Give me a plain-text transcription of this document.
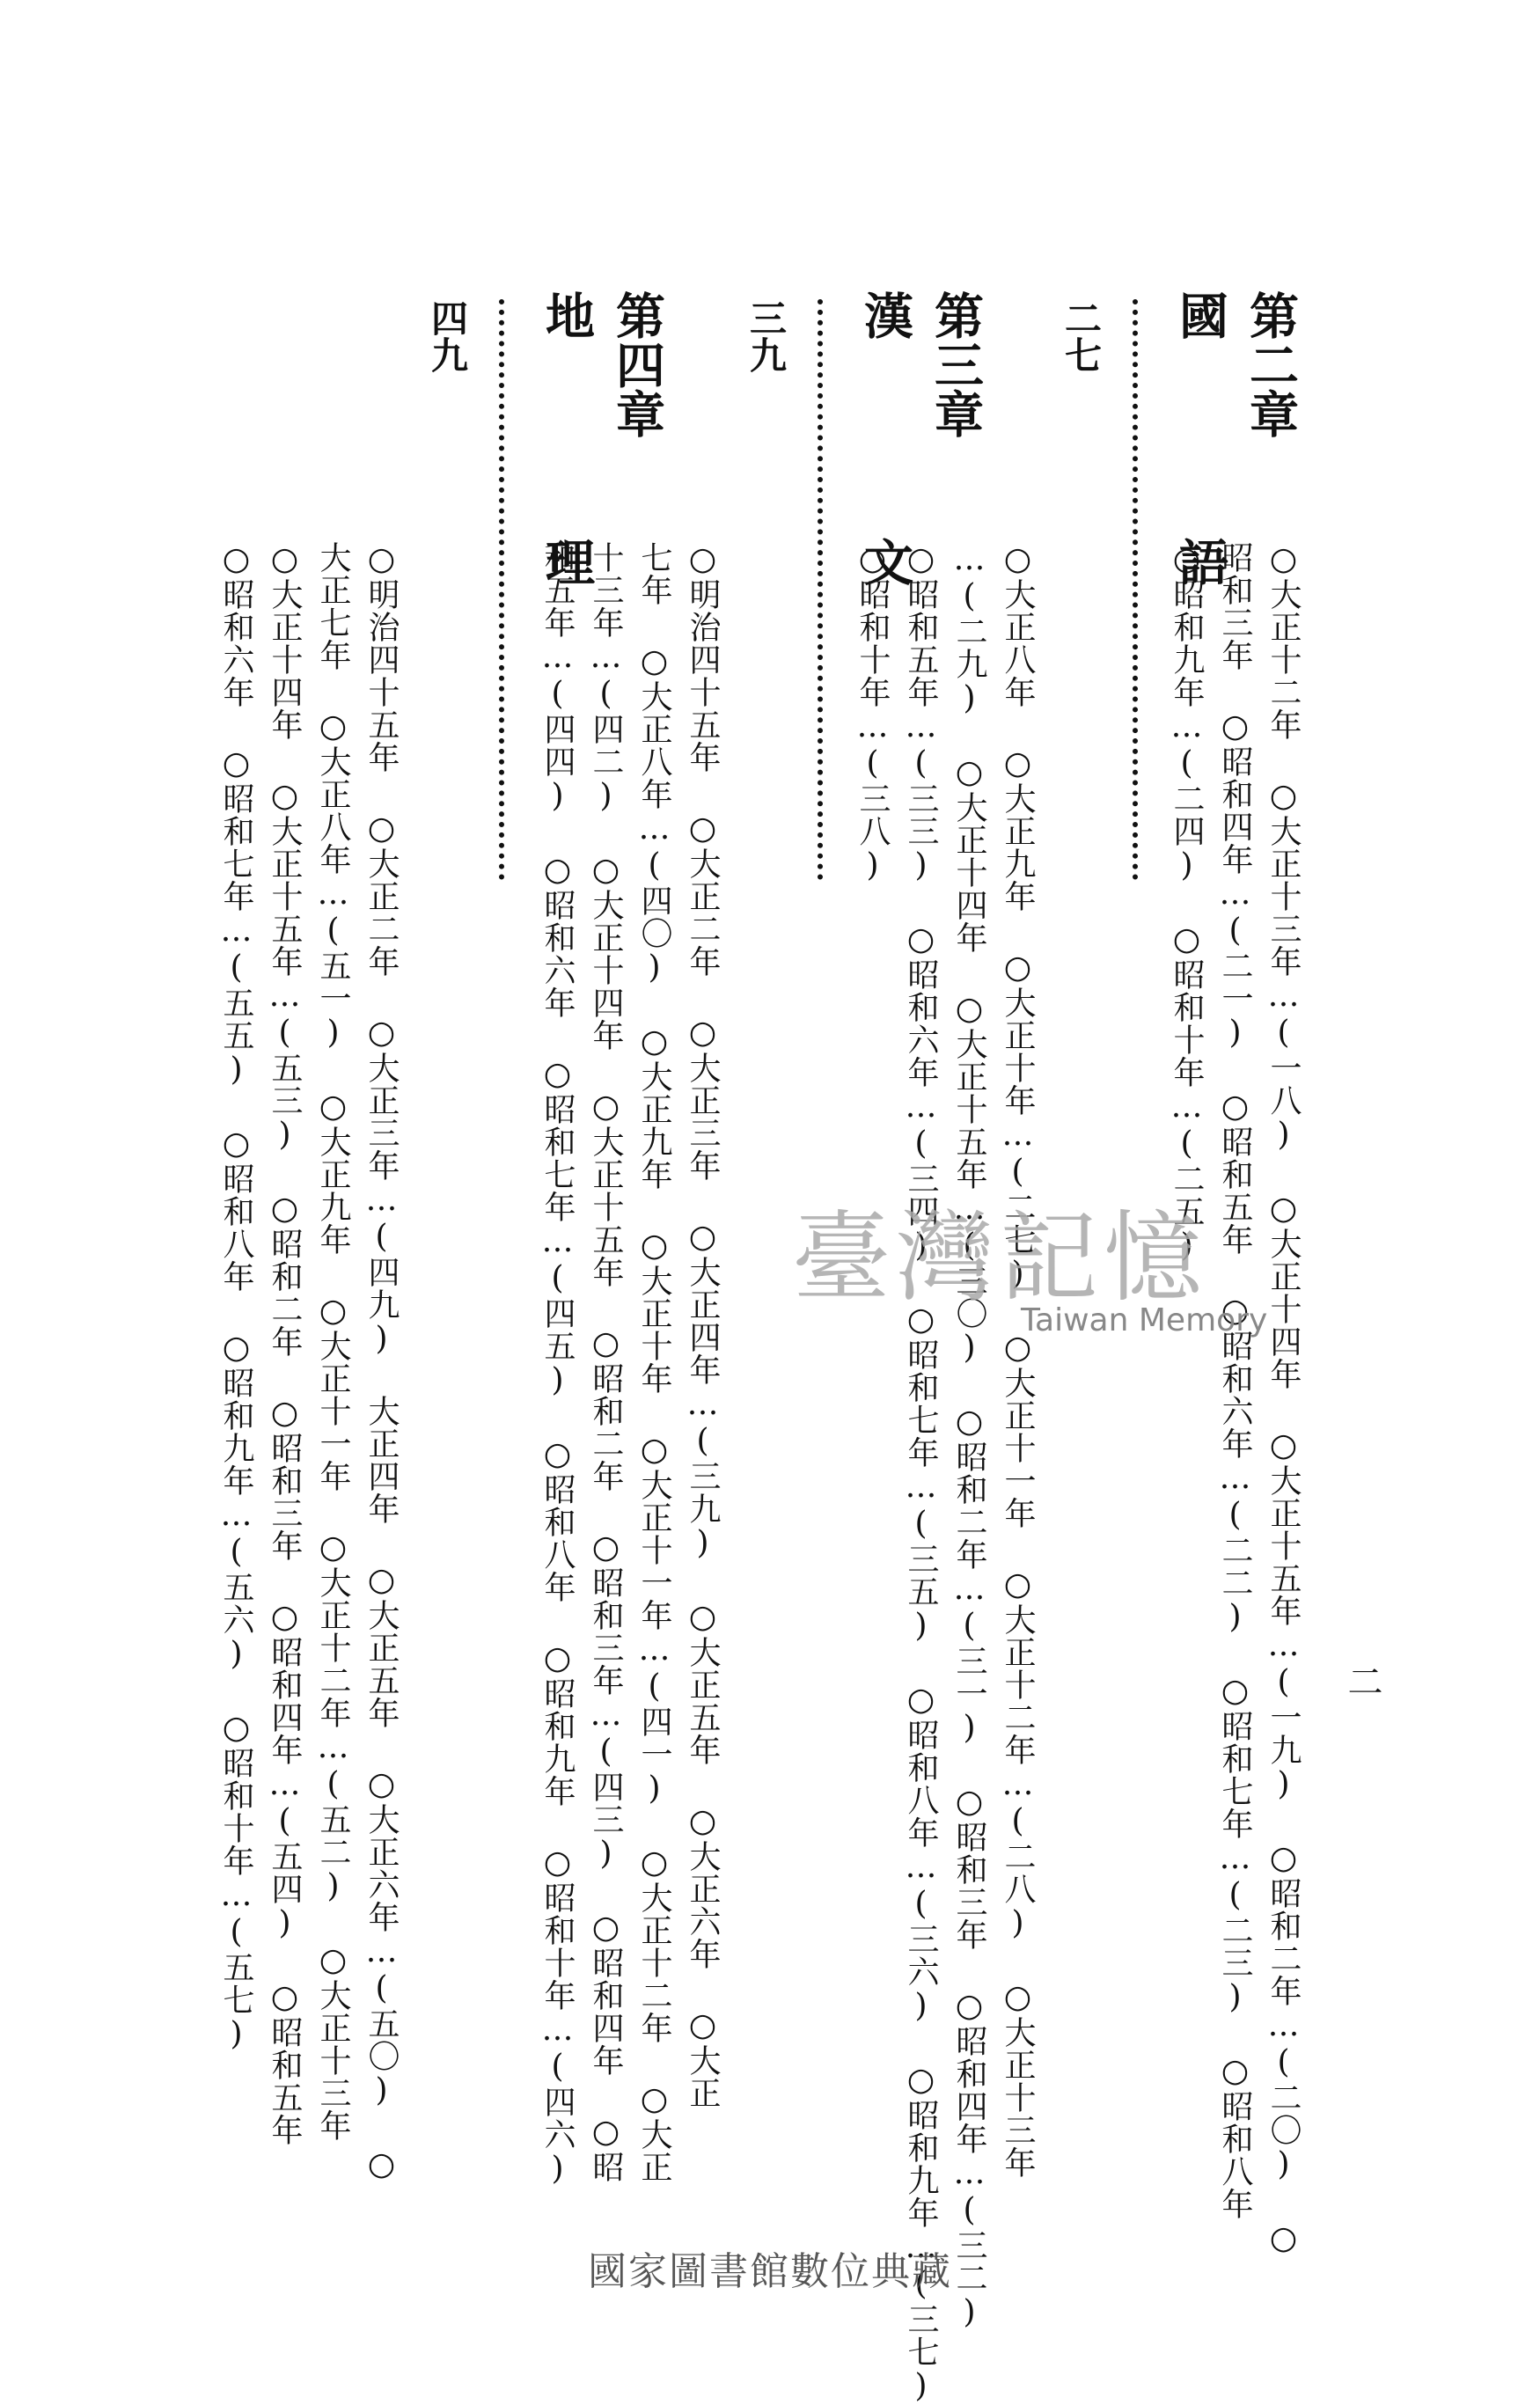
二
○大正十二年 ○大正十三年…(一八) ○大正十四年 ○大正十五年…(一九) ○昭和二年…(二〇) ○
昭和三年 ○昭和四年…(二一) ○昭和五年 ○昭和六年…(二二) ○昭和七年…(二三) ○昭和八年
○昭和九年…(二四) ○昭和十年…(二五)
第二章
國　　　　語
二七
○大正八年 ○大正九年 ○大正十年…(二七) ○大正十一年 ○大正十二年…(二八) ○大正十三年
…(二九) ○大正十四年 ○大正十五年…(三〇) ○昭和二年…(三一) ○昭和三年 ○昭和四年…(三二)
○昭和五年…(三三) ○昭和六年…(三四) ○昭和七年…(三五) ○昭和八年…(三六) ○昭和九年…(三七)
○昭和十年…(三八)
第三章
漢　　　　文
三九
○明治四十五年 ○大正二年 ○大正三年 ○大正四年…(三九) ○大正五年 ○大正六年 ○大正
七年 ○大正八年…(四〇) ○大正九年 ○大正十年 ○大正十一年…(四一) ○大正十二年 ○大正
十三年…(四二) ○大正十四年 ○大正十五年 ○昭和二年 ○昭和三年…(四三) ○昭和四年 ○昭
和五年…(四四) ○昭和六年 ○昭和七年…(四五) ○昭和八年 ○昭和九年 ○昭和十年…(四六)
第四章
地　　　　理
四九
○明治四十五年 ○大正二年 ○大正三年…(四九) 大正四年 ○大正五年 ○大正六年…(五〇) ○
大正七年 ○大正八年…(五一) ○大正九年 ○大正十一年 ○大正十二年…(五二) ○大正十三年
○大正十四年 ○大正十五年…(五三) ○昭和二年 ○昭和三年 ○昭和四年…(五四) ○昭和五年
○昭和六年 ○昭和七年…(五五) ○昭和八年 ○昭和九年…(五六) ○昭和十年…(五七)	臺灣記憶
Taiwan Memory
國家圖書館數位典藏
